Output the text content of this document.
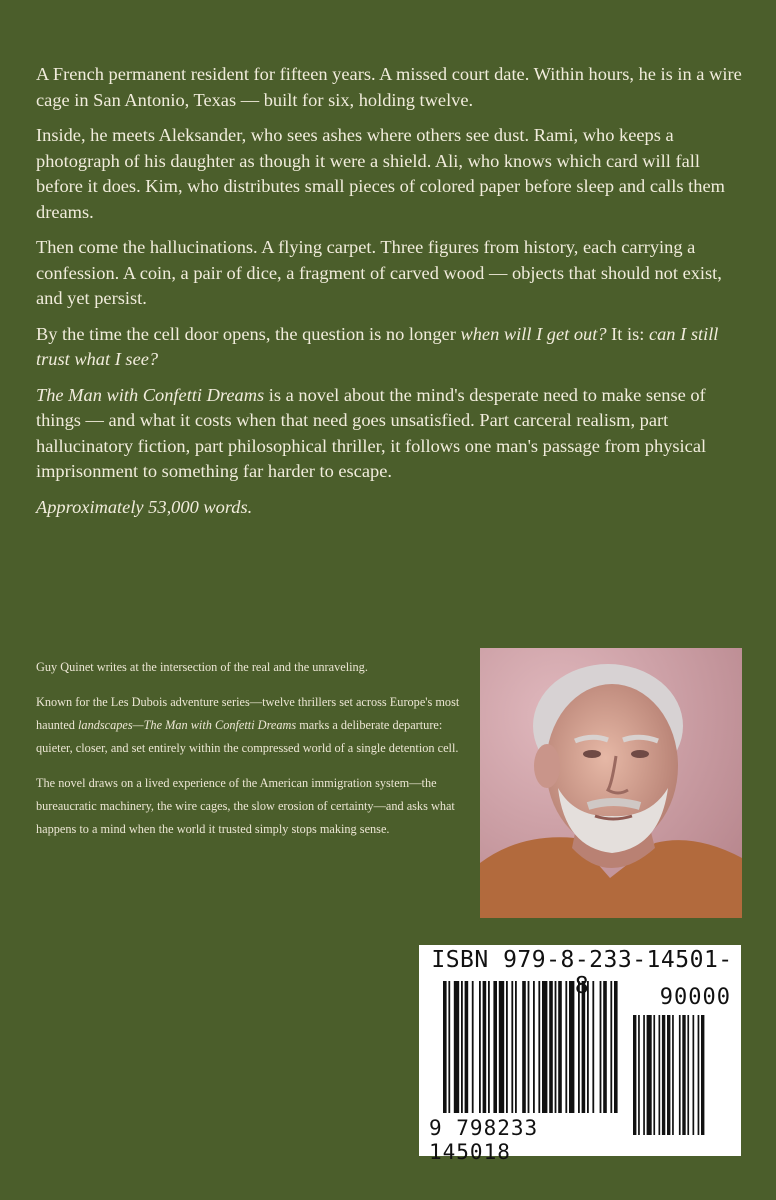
A French permanent resident for fifteen years. A missed court date. Within hours, he is in a wire cage in San Antonio, Texas — built for six, holding twelve.

Inside, he meets Aleksander, who sees ashes where others see dust. Rami, who keeps a photograph of his daughter as though it were a shield. Ali, who knows which card will fall before it does. Kim, who distributes small pieces of colored paper before sleep and calls them dreams.

Then come the hallucinations. A flying carpet. Three figures from history, each carrying a confession. A coin, a pair of dice, a fragment of carved wood — objects that should not exist, and yet persist.

By the time the cell door opens, the question is no longer when will I get out? It is: can I still trust what I see?

The Man with Confetti Dreams is a novel about the mind's desperate need to make sense of things — and what it costs when that need goes unsatisfied. Part carceral realism, part hallucinatory fiction, part philosophical thriller, it follows one man's passage from physical imprisonment to something far harder to escape.

Approximately 53,000 words.

Guy Quinet writes at the intersection of the real and the unraveling.

Known for the Les Dubois adventure series—twelve thrillers set across Europe's most haunted landscapes—The Man with Confetti Dreams marks a deliberate departure: quieter, closer, and set entirely within the compressed world of a single detention cell.

The novel draws on a lived experience of the American immigration system—the bureaucratic machinery, the wire cages, the slow erosion of certainty—and asks what happens to a mind when the world it trusted simply stops making sense.

ISBN 979-8-233-14501-8	90000
9 798233 145018
